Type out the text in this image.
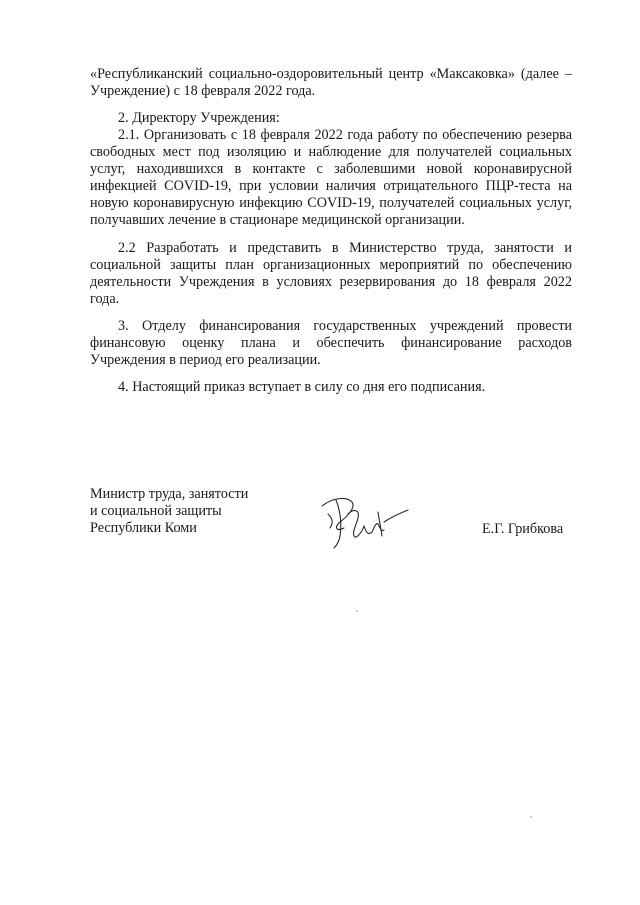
«Республиканский социально-оздоровительный центр «Максаковка» (далее –
Учреждение) с 18 февраля 2022 года.
2. Директору Учреждения:
2.1. Организовать с 18 февраля 2022 года работу по обеспечению резерва
свободных мест под изоляцию и наблюдение для получателей социальных
услуг, находившихся в контакте с заболевшими новой коронавирусной
инфекцией COVID-19, при условии наличия отрицательного ПЦР-теста на
новую коронавирусную инфекцию COVID-19, получателей социальных услуг,
получавших лечение в стационаре медицинской организации.
2.2 Разработать и представить в Министерство труда, занятости и
социальной защиты план организационных мероприятий по обеспечению
деятельности Учреждения в условиях резервирования до 18 февраля 2022
года.
3. Отделу финансирования государственных учреждений провести
финансовую оценку плана и обеспечить финансирование расходов
Учреждения в период его реализации.
4. Настоящий приказ вступает в силу со дня его подписания.
Министр труда, занятости
и социальной защиты
Республики Коми	Е.Г. Грибкова
